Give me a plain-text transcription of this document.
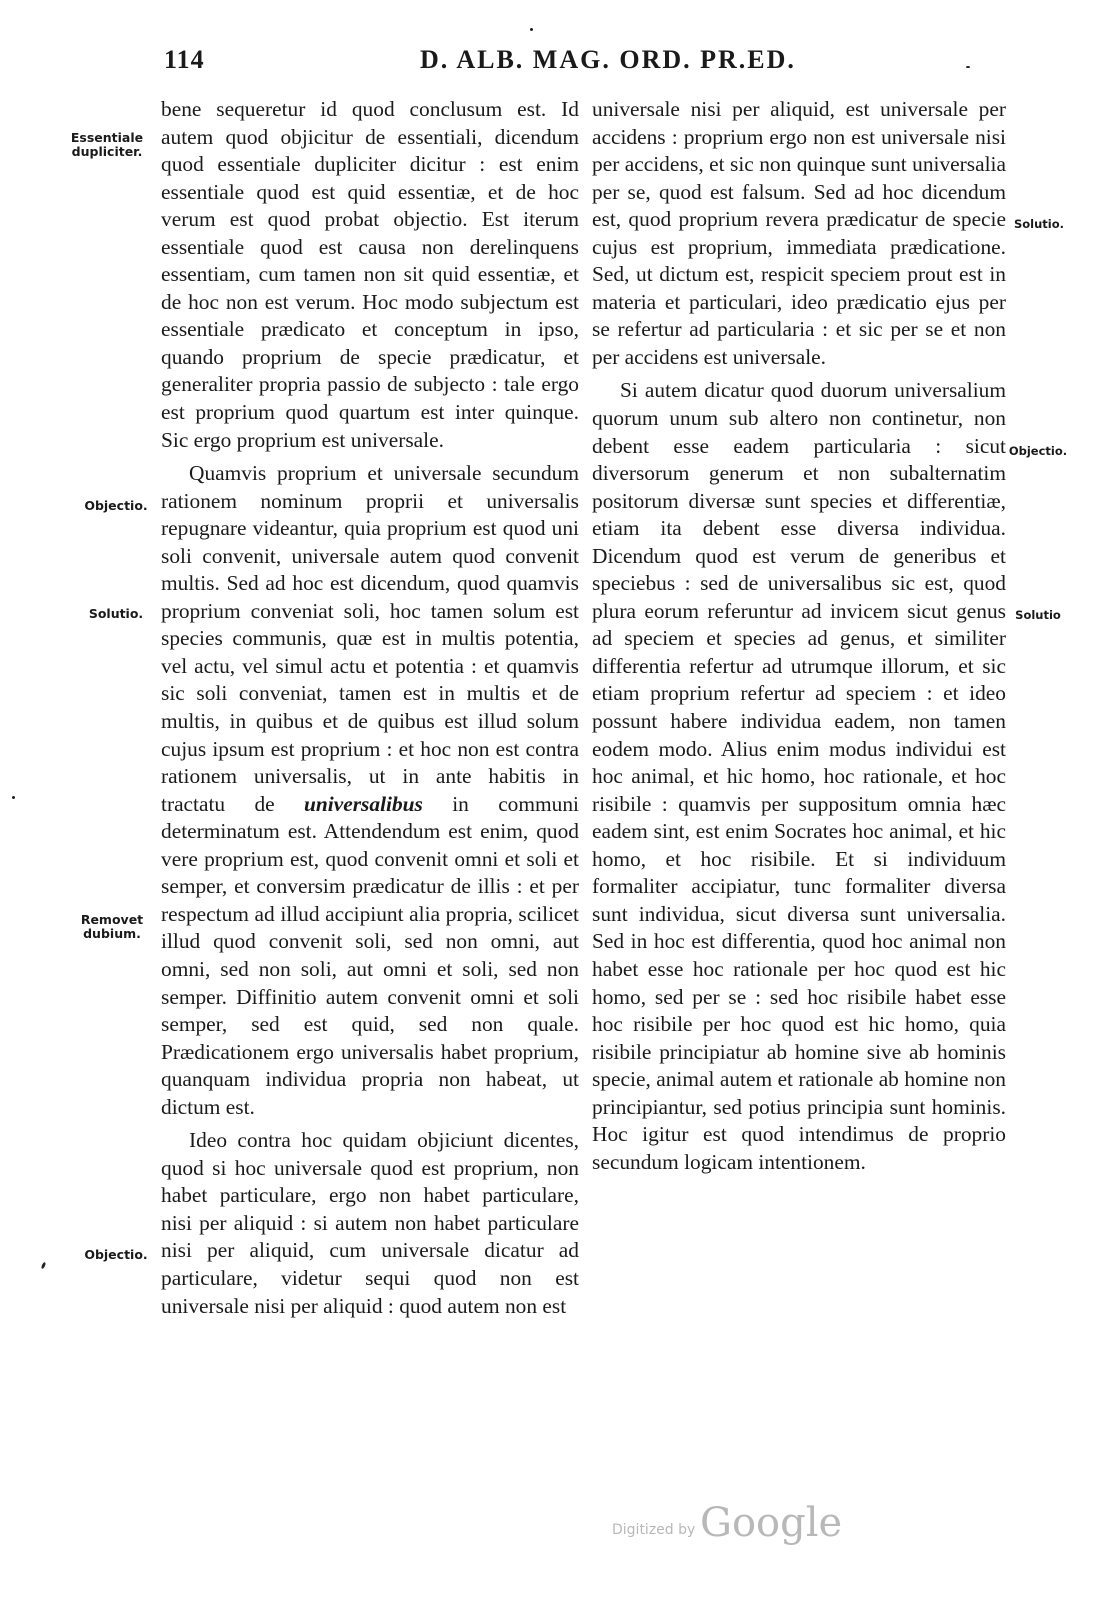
114	D. ALB. MAG. ORD. PR.ED.
Essentiale dupliciter.
Objectio.
Solutio.
Removet dubium.
Objectio.
Solutio.
Objectio.
Solutio

bene sequeretur id quod conclusum est. Id autem quod objicitur de essentiali, dicendum quod essentiale dupliciter dicitur : est enim essentiale quod est quid essentiæ, et de hoc verum est quod probat objectio. Est iterum essentiale quod est causa non derelinquens essentiam, cum tamen non sit quid essentiæ, et de hoc non est verum. Hoc modo subjectum est essentiale prædicato et conceptum in ipso, quando proprium de specie prædicatur, et generaliter propria passio de subjecto : tale ergo est proprium quod quartum est inter quinque. Sic ergo proprium est universale.

Quamvis proprium et universale secundum rationem nominum proprii et universalis repugnare videantur, quia proprium est quod uni soli convenit, universale autem quod convenit multis. Sed ad hoc est dicendum, quod quamvis proprium conveniat soli, hoc tamen solum est species communis, quæ est in multis potentia, vel actu, vel simul actu et potentia : et quamvis sic soli conveniat, tamen est in multis et de multis, in quibus et de quibus est illud solum cujus ipsum est proprium : et hoc non est contra rationem universalis, ut in ante habitis in tractatu de universalibus in communi determinatum est. Attendendum est enim, quod vere proprium est, quod convenit omni et soli et semper, et conversim prædicatur de illis : et per respectum ad illud accipiunt alia propria, scilicet illud quod convenit soli, sed non omni, aut omni, sed non soli, aut omni et soli, sed non semper. Diffinitio autem convenit omni et soli semper, sed est quid, sed non quale. Prædicationem ergo universalis habet proprium, quanquam individua propria non habeat, ut dictum est.

Ideo contra hoc quidam objiciunt dicentes, quod si hoc universale quod est proprium, non habet particulare, ergo non habet particulare, nisi per aliquid : si autem non habet particulare nisi per aliquid, cum universale dicatur ad particulare, videtur sequi quod non est universale nisi per aliquid : quod autem non est

universale nisi per aliquid, est universale per accidens : proprium ergo non est universale nisi per accidens, et sic non quinque sunt universalia per se, quod est falsum. Sed ad hoc dicendum est, quod proprium revera prædicatur de specie cujus est proprium, immediata prædicatione. Sed, ut dictum est, respicit speciem prout est in materia et particulari, ideo prædicatio ejus per se refertur ad particularia : et sic per se et non per accidens est universale.

Si autem dicatur quod duorum universalium quorum unum sub altero non continetur, non debent esse eadem particularia : sicut diversorum generum et non subalternatim positorum diversæ sunt species et differentiæ, etiam ita debent esse diversa individua. Dicendum quod est verum de generibus et speciebus : sed de universalibus sic est, quod plura eorum referuntur ad invicem sicut genus ad speciem et species ad genus, et similiter differentia refertur ad utrumque illorum, et sic etiam proprium refertur ad speciem : et ideo possunt habere individua eadem, non tamen eodem modo. Alius enim modus individui est hoc animal, et hic homo, hoc rationale, et hoc risibile : quamvis per suppositum omnia hæc eadem sint, est enim Socrates hoc animal, et hic homo, et hoc risibile. Et si individuum formaliter accipiatur, tunc formaliter diversa sunt individua, sicut diversa sunt universalia. Sed in hoc est differentia, quod hoc animal non habet esse hoc rationale per hoc quod est hic homo, sed per se : sed hoc risibile habet esse hoc risibile per hoc quod est hic homo, quia risibile principiatur ab homine sive ab hominis specie, animal autem et rationale ab homine non principiantur, sed potius principia sunt hominis. Hoc igitur est quod intendimus de proprio secundum logicam intentionem.

Digitized by Google
